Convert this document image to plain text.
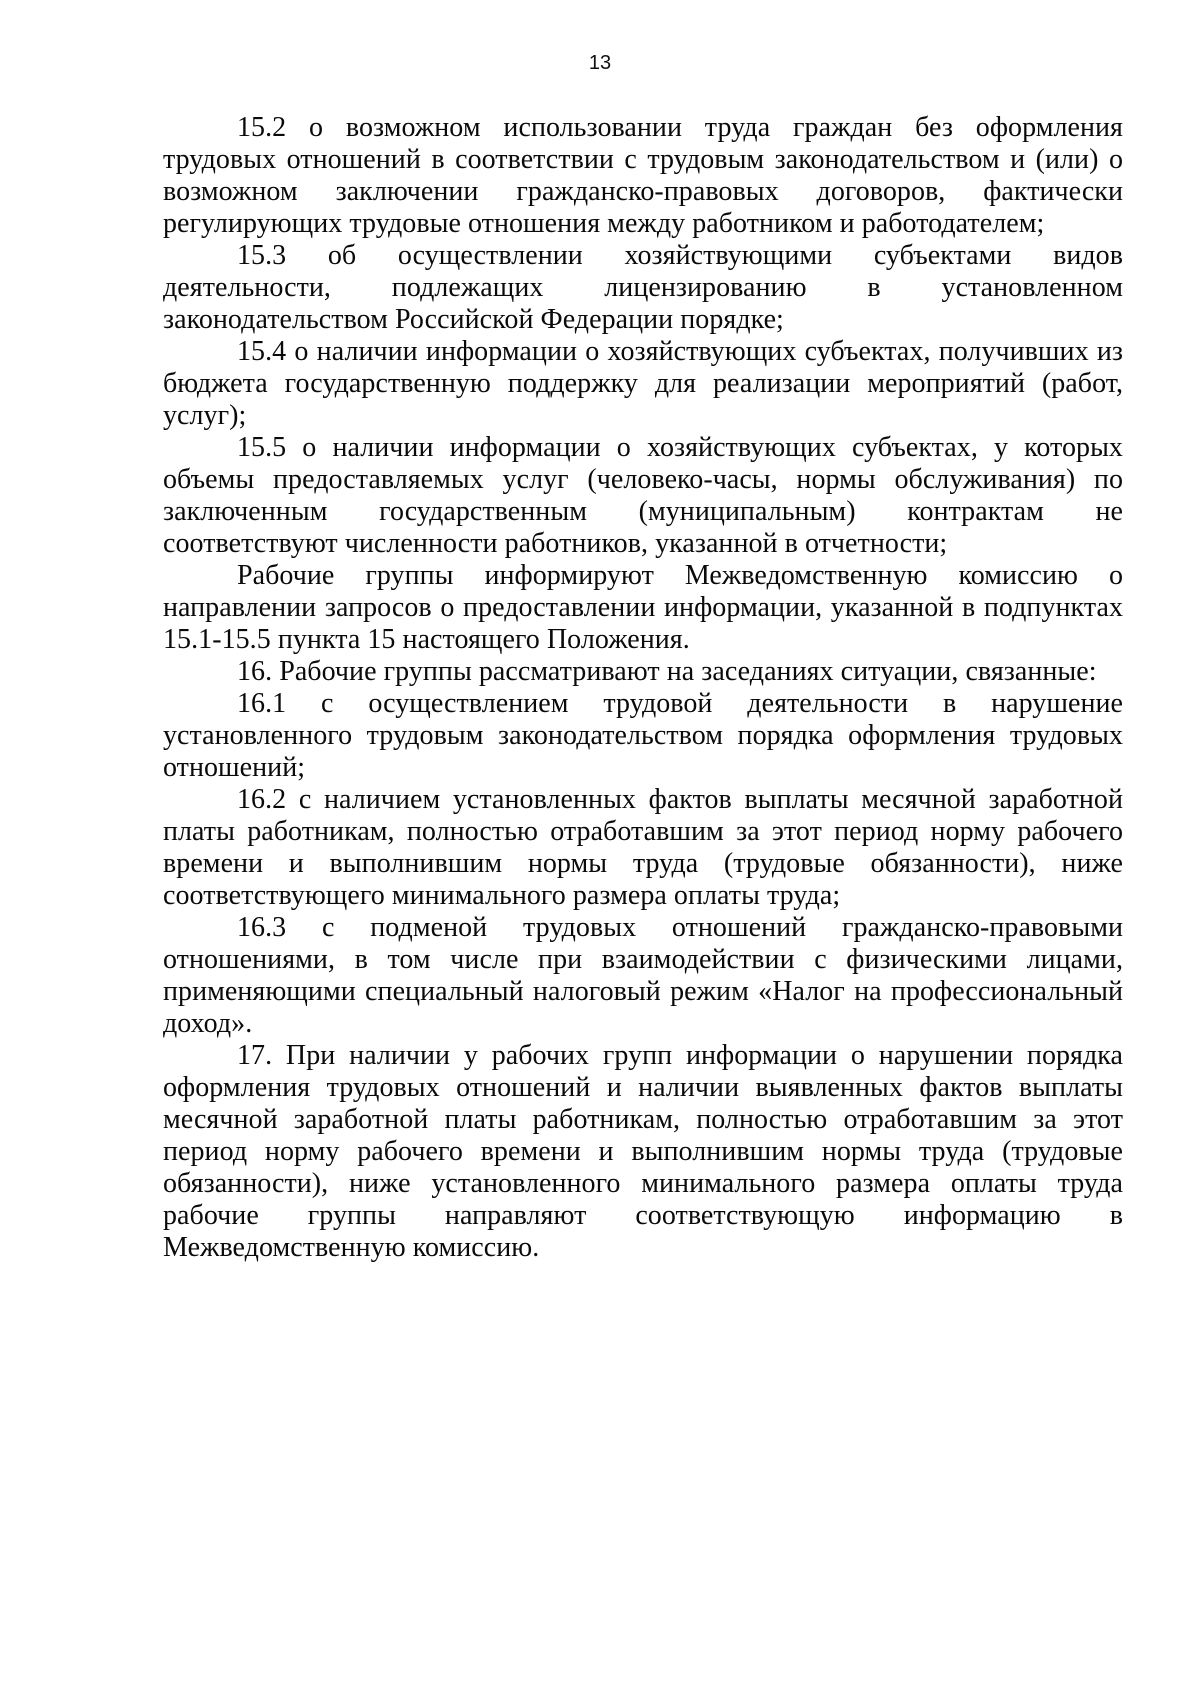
13

15.2 о возможном использовании труда граждан без оформления трудовых отношений в соответствии с трудовым законодательством и (или) о возможном заключении гражданско-правовых договоров, фактически регулирующих трудовые отношения между работником и работодателем;

15.3 об осуществлении хозяйствующими субъектами видов деятельности, подлежащих лицензированию в установленном законодательством Российской Федерации порядке;

15.4 о наличии информации о хозяйствующих субъектах, получивших из бюджета государственную поддержку для реализации мероприятий (работ, услуг);

15.5 о наличии информации о хозяйствующих субъектах, у которых объемы предоставляемых услуг (человеко-часы, нормы обслуживания) по заключенным государственным (муниципальным) контрактам не соответствуют численности работников, указанной в отчетности;

Рабочие группы информируют Межведомственную комиссию о направлении запросов о предоставлении информации, указанной в подпунктах 15.1-15.5 пункта 15 настоящего Положения.

16. Рабочие группы рассматривают на заседаниях ситуации, связанные:

16.1 с осуществлением трудовой деятельности в нарушение установленного трудовым законодательством порядка оформления трудовых отношений;

16.2 с наличием установленных фактов выплаты месячной заработной платы работникам, полностью отработавшим за этот период норму рабочего времени и выполнившим нормы труда (трудовые обязанности), ниже соответствующего минимального размера оплаты труда;

16.3 с подменой трудовых отношений гражданско-правовыми отношениями, в том числе при взаимодействии с физическими лицами, применяющими специальный налоговый режим «Налог на профессиональный доход».

17. При наличии у рабочих групп информации о нарушении порядка оформления трудовых отношений и наличии выявленных фактов выплаты месячной заработной платы работникам, полностью отработавшим за этот период норму рабочего времени и выполнившим нормы труда (трудовые обязанности), ниже установленного минимального размера оплаты труда рабочие группы направляют соответствующую информацию в Межведомственную комиссию.
